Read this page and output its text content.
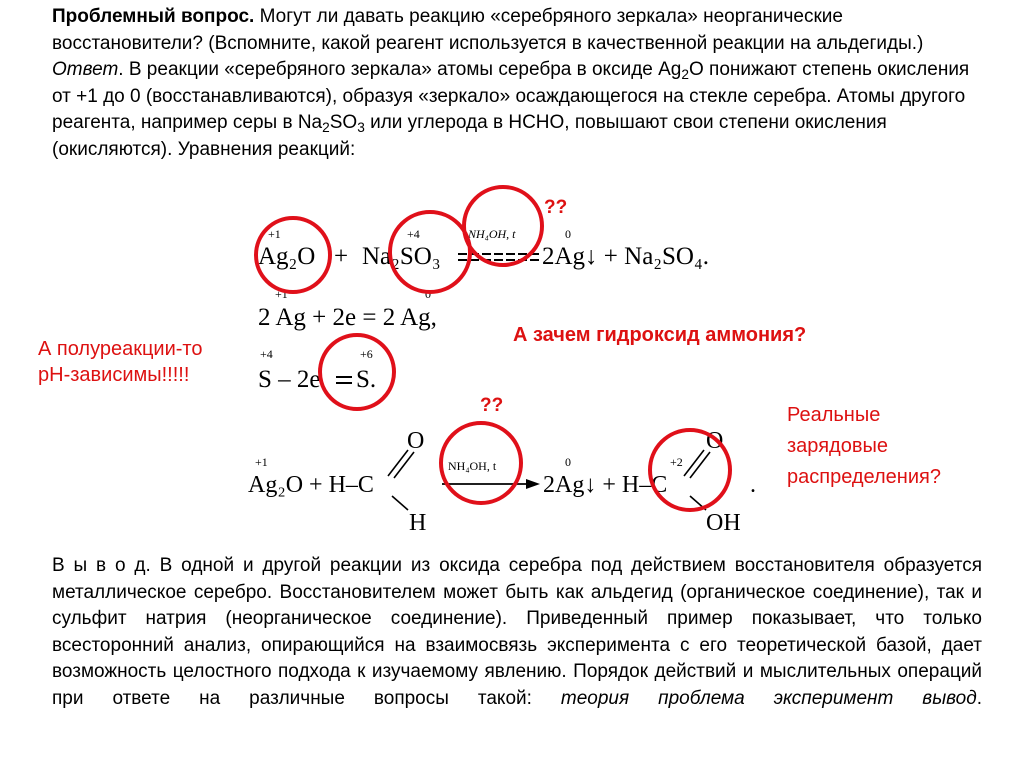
Проблемный вопрос. Могут ли давать реакцию «серебряного зеркала» неорганические восстановители? (Вспомните, какой реагент используется в качественной реакции на альдегиды.)

Ответ. В реакции «серебряного зеркала» атомы серебра в оксиде $Ag_2O$ понижают степень окисления от +1 до 0 (восстанавливаются), образуя «зеркало» осаждающегося на стекле серебра. Атомы другого реагента, например серы в $Na_2SO_3$ или углерода в НСНО, повышают свои степени окисления (окисляются). Уравнения реакций:

+1
Ag₂O +
+4
Na₂SO₃
NH₄OH, t	0
2Ag↓ + Na₂SO₄.
+1	0
2 Ag + 2e = 2 Ag,
+4	+6
S – 2e S.
+1
Ag₂O + H–C
O
H
NH₄OH, t	0
2Ag↓ + H–C
+2
O
OH
.
??
??
А зачем гидроксид аммония?
А полуреакции-то
pH-зависимы!!!!!
Реальные
зарядовые
распределения?

В ы в о д. В одной и другой реакции из оксида серебра под действием восстановителя образуется металлическое серебро. Восстановителем может быть как альдегид (органическое соединение), так и сульфит натрия (неорганическое соединение). Приведенный пример показывает, что только всесторонний анализ, опирающийся на взаимосвязь эксперимента с его теоретической базой, дает возможность целостного подхода к изучаемому явлению. Порядок действий и мыслительных операций при ответе на различные вопросы такой: теория проблема эксперимент вывод.
